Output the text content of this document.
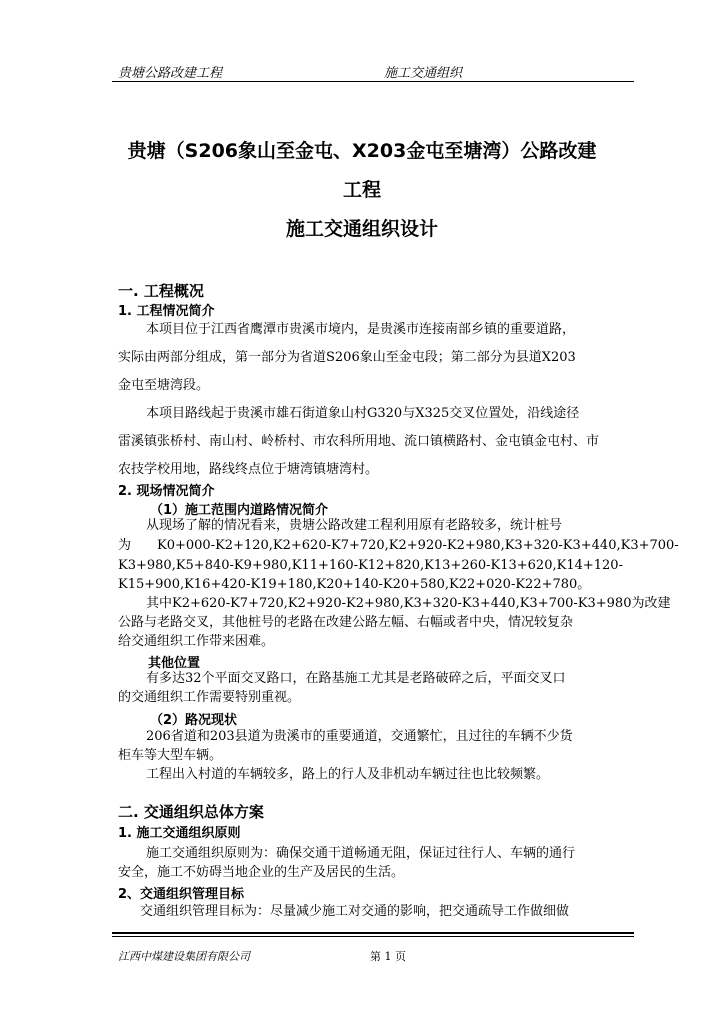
贵塘公路改建工程	施工交通组织
贵塘（S206象山至金屯、X203金屯至塘湾）公路改建
工程
施工交通组织设计
一. 工程概况
1. 工程情况简介
本项目位于江西省鹰潭市贵溪市境内，是贵溪市连接南部乡镇的重要道路，
实际由两部分组成，第一部分为省道S206象山至金屯段；第二部分为县道X203
金屯至塘湾段。
本项目路线起于贵溪市雄石街道象山村G320与X325交叉位置处，沿线途径
雷溪镇张桥村、南山村、岭桥村、市农科所用地、流口镇横路村、金屯镇金屯村、市
农技学校用地，路线终点位于塘湾镇塘湾村。
2. 现场情况简介
（1）施工范围内道路情况简介
从现场了解的情况看来，贵塘公路改建工程利用原有老路较多，统计桩号
为　　K0+000-K2+120,K2+620-K7+720,K2+920-K2+980,K3+320-K3+440,K3+700-
K3+980,K5+840-K9+980,K11+160-K12+820,K13+260-K13+620,K14+120-
K15+900,K16+420-K19+180,K20+140-K20+580,K22+020-K22+780。
其中K2+620-K7+720,K2+920-K2+980,K3+320-K3+440,K3+700-K3+980为改建
公路与老路交叉，其他桩号的老路在改建公路左幅、右幅或者中央，情况较复杂
给交通组织工作带来困难。
其他位置
有多达32个平面交叉路口，在路基施工尤其是老路破碎之后，平面交叉口
的交通组织工作需要特别重视。
（2）路况现状
206省道和203县道为贵溪市的重要通道，交通繁忙，且过往的车辆不少货
柜车等大型车辆。
工程出入村道的车辆较多，路上的行人及非机动车辆过往也比较频繁。
二. 交通组织总体方案
1. 施工交通组织原则
施工交通组织原则为：确保交通干道畅通无阻，保证过往行人、车辆的通行
安全，施工不妨碍当地企业的生产及居民的生活。
2、交通组织管理目标
交通组织管理目标为：尽量减少施工对交通的影响，把交通疏导工作做细做
江西中煤建设集团有限公司	第 1 页
